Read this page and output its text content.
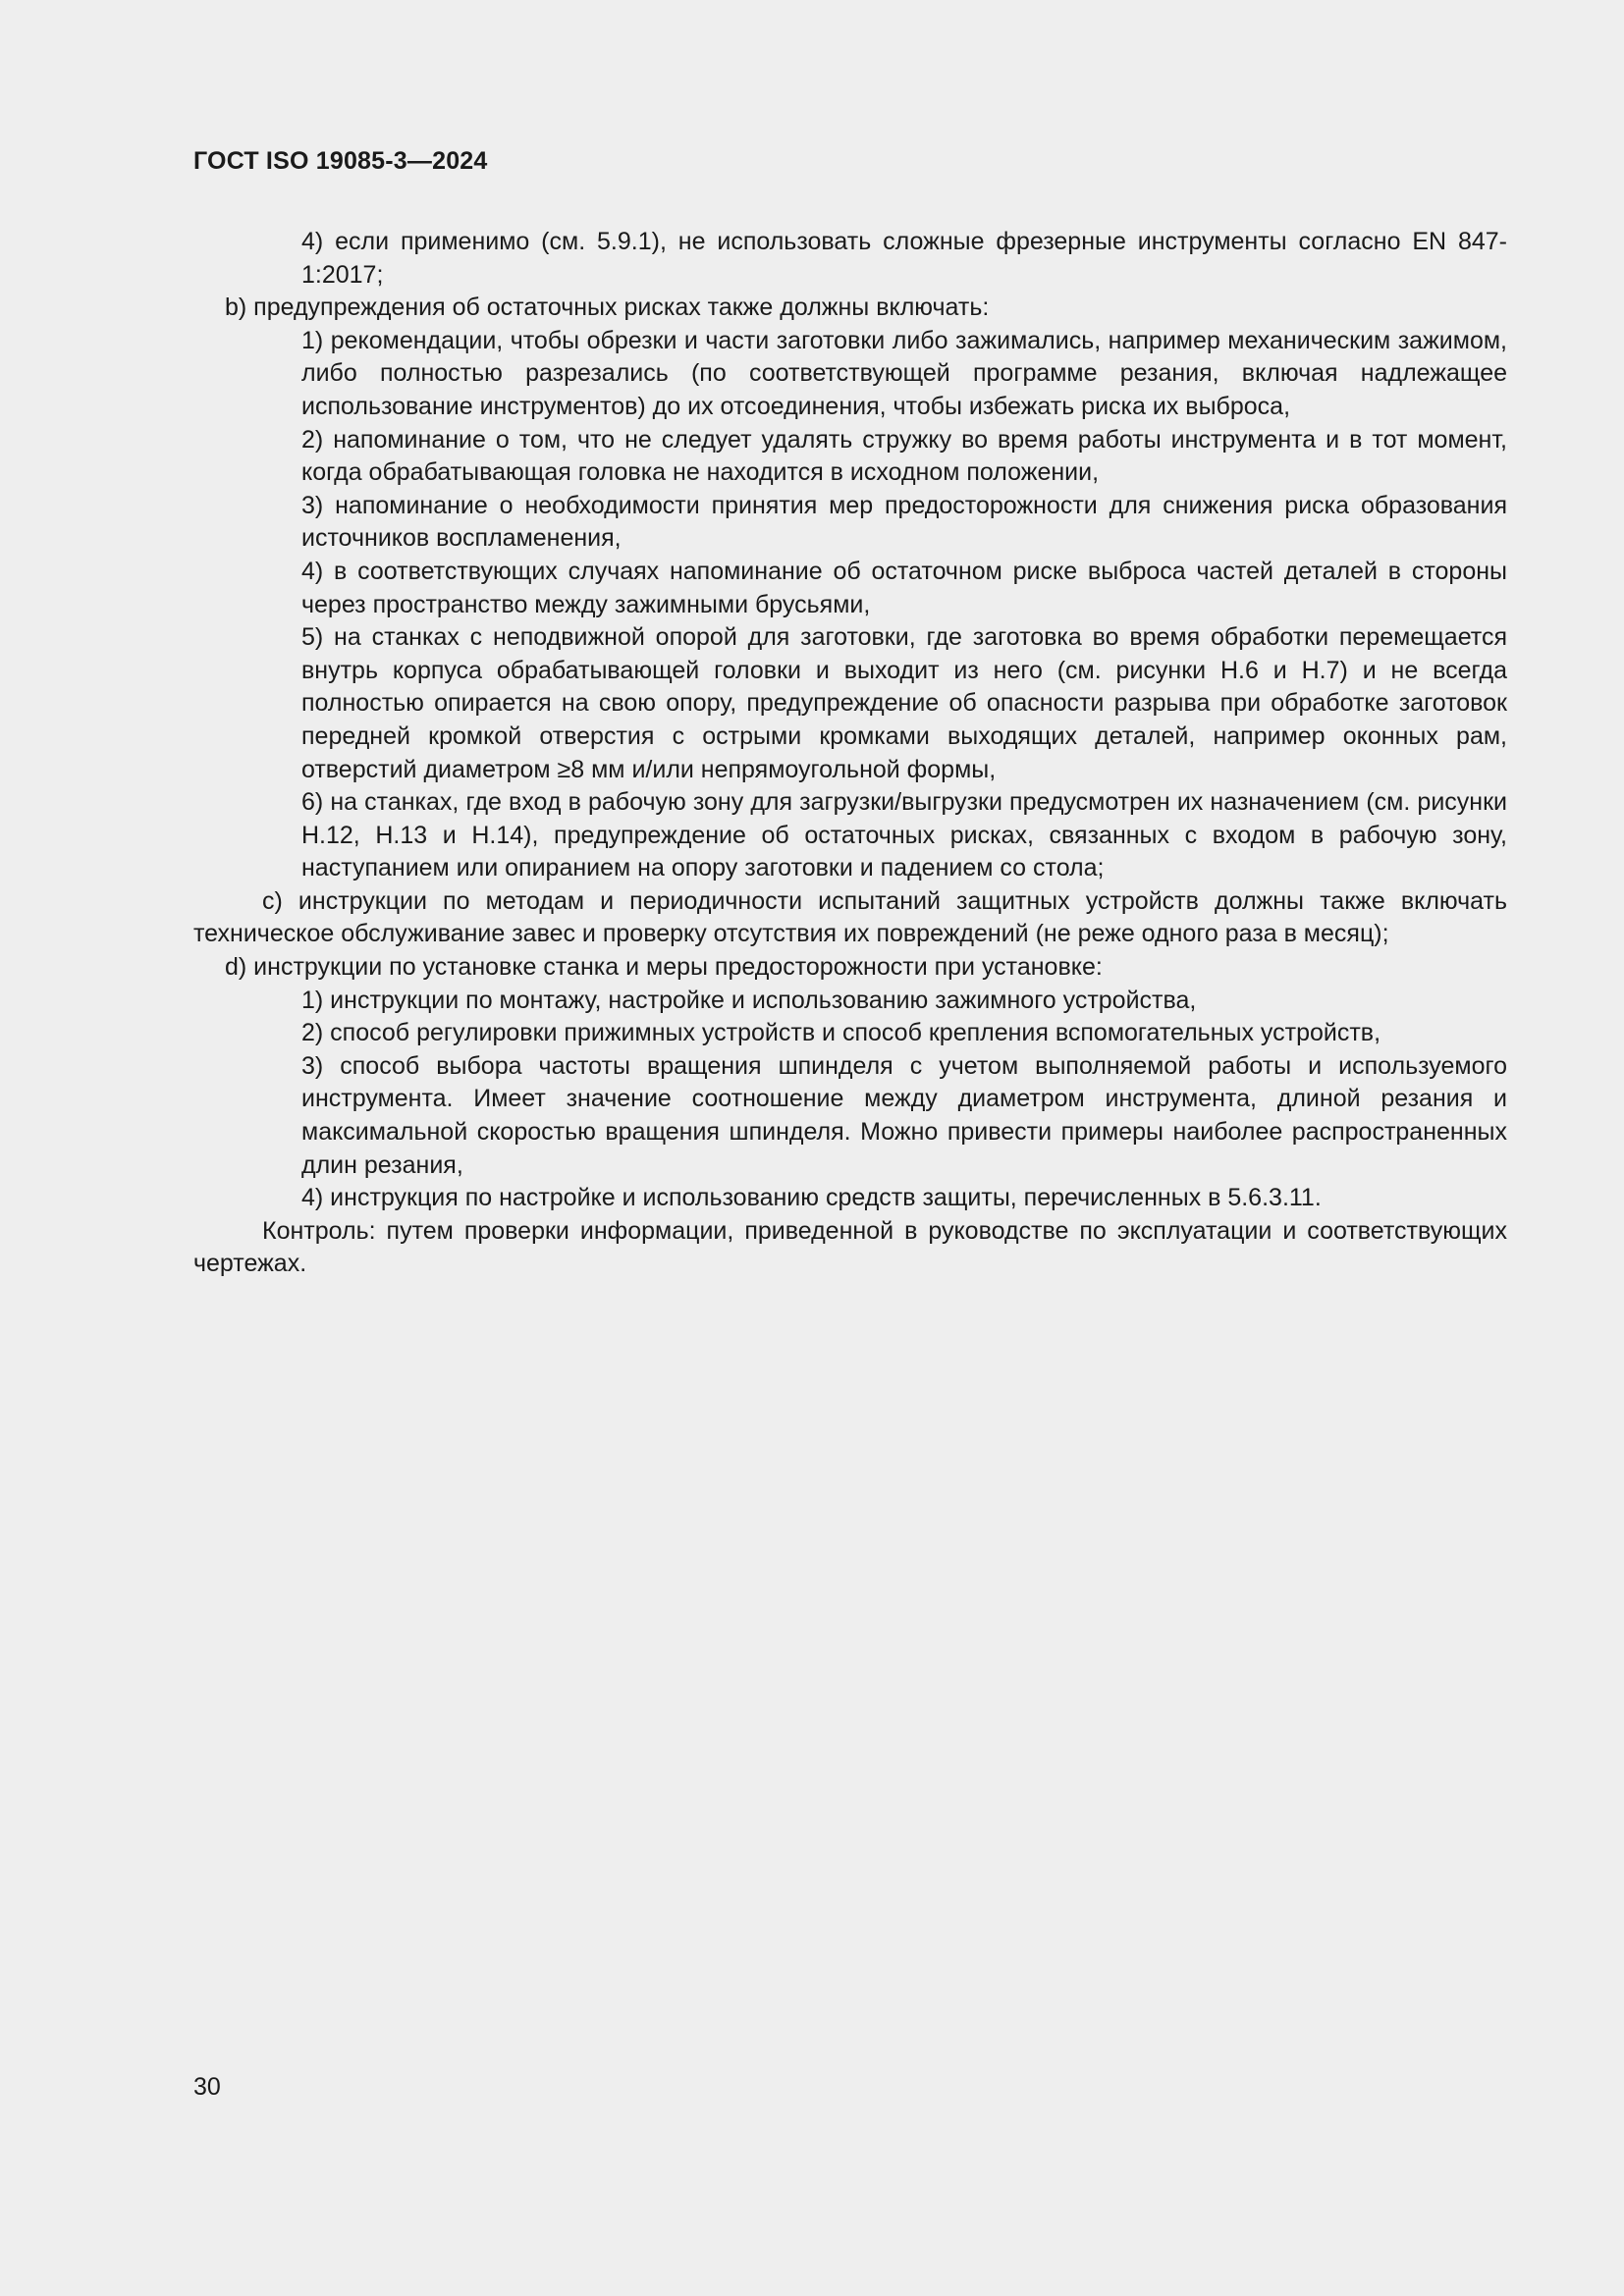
ГОСТ ISO 19085-3—2024

4) если применимо (см. 5.9.1), не использовать сложные фрезерные инструменты согласно EN 847-1:2017;

b) предупреждения об остаточных рисках также должны включать:

1) рекомендации, чтобы обрезки и части заготовки либо зажимались, например механическим зажимом, либо полностью разрезались (по соответствующей программе резания, включая надлежащее использование инструментов) до их отсоединения, чтобы избежать риска их выброса,

2) напоминание о том, что не следует удалять стружку во время работы инструмента и в тот момент, когда обрабатывающая головка не находится в исходном положении,

3) напоминание о необходимости принятия мер предосторожности для снижения риска образования источников воспламенения,

4) в соответствующих случаях напоминание об остаточном риске выброса частей деталей в стороны через пространство между зажимными брусьями,

5) на станках с неподвижной опорой для заготовки, где заготовка во время обработки перемещается внутрь корпуса обрабатывающей головки и выходит из него (см. рисунки H.6 и H.7) и не всегда полностью опирается на свою опору, предупреждение об опасности разрыва при обработке заготовок передней кромкой отверстия с острыми кромками выходящих деталей, например оконных рам, отверстий диаметром ≥8 мм и/или непрямоугольной формы,

6) на станках, где вход в рабочую зону для загрузки/выгрузки предусмотрен их назначением (см. рисунки H.12, H.13 и H.14), предупреждение об остаточных рисках, связанных с входом в рабочую зону, наступанием или опиранием на опору заготовки и падением со стола;

c) инструкции по методам и периодичности испытаний защитных устройств должны также включать техническое обслуживание завес и проверку отсутствия их повреждений (не реже одного раза в месяц);

d) инструкции по установке станка и меры предосторожности при установке:

1) инструкции по монтажу, настройке и использованию зажимного устройства,

2) способ регулировки прижимных устройств и способ крепления вспомогательных устройств,

3) способ выбора частоты вращения шпинделя с учетом выполняемой работы и используемого инструмента. Имеет значение соотношение между диаметром инструмента, длиной резания и максимальной скоростью вращения шпинделя. Можно привести примеры наиболее распространенных длин резания,

4) инструкция по настройке и использованию средств защиты, перечисленных в 5.6.3.11.

Контроль: путем проверки информации, приведенной в руководстве по эксплуатации и соответствующих чертежах.

30
